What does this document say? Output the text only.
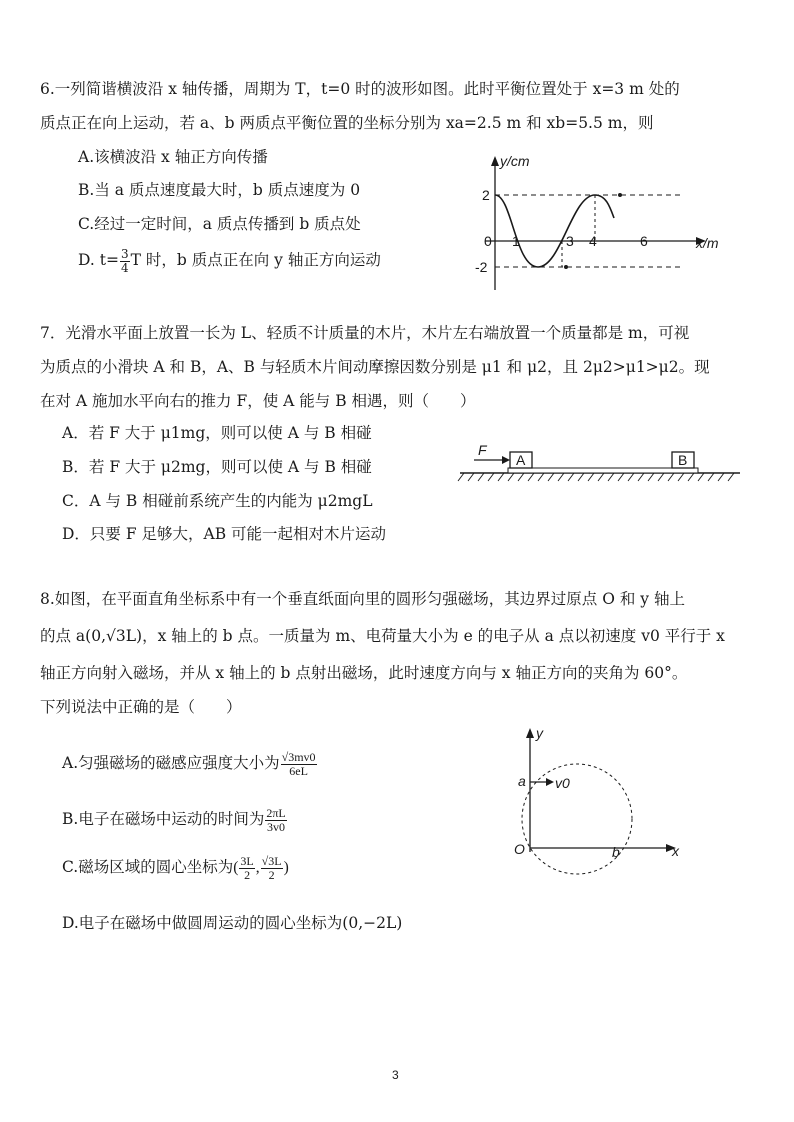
6.一列简谐横波沿 x 轴传播，周期为 T，t=0 时的波形如图。此时平衡位置处于 x=3 m 处的
质点正在向上运动，若 a、b 两质点平衡位置的坐标分别为 xa=2.5 m 和 xb=5.5 m，则
A.该横波沿 x 轴正方向传播
B.当 a 质点速度最大时，b 质点速度为 0
C.经过一定时间，a 质点传播到 b 质点处
D. $t= \frac{3}{4}$ T 时，b 质点正在向 y 轴正方向运动
y/cm
x/m
0
2
-2
1	3 4	6
7．光滑水平面上放置一长为 L、轻质不计质量的木片，木片左右端放置一个质量都是 m，可视
为质点的小滑块 A 和 B，A、B 与轻质木片间动摩擦因数分别是 μ1 和 μ2，且 2μ2>μ1>μ2。现
在对 A 施加水平向右的推力 F，使 A 能与 B 相遇，则（　　）
A．若 F 大于 μ1mg，则可以使 A 与 B 相碰
B．若 F 大于 μ2mg，则可以使 A 与 B 相碰
C．A 与 B 相碰前系统产生的内能为 μ2mgL
D．只要 F 足够大，AB 可能一起相对木片运动
F
A	B
8.如图，在平面直角坐标系中有一个垂直纸面向里的圆形匀强磁场，其边界过原点 O 和 y 轴上
的点 a(0,√3L)，x 轴上的 b 点。一质量为 m、电荷量大小为 e 的电子从 a 点以初速度 v0 平行于 x
轴正方向射入磁场，并从 x 轴上的 b 点射出磁场，此时速度方向与 x 轴正方向的夹角为 60°。
下列说法中正确的是（　　）
A.匀强磁场的磁感应强度大小为 $\frac{√3mv0}{6eL}$
B.电子在磁场中运动的时间为 $\frac{2\pi L}{3v0}$
C.磁场区域的圆心坐标为( $\frac{3L}{2}$ , $\frac{√3L}{2}$ )
D.电子在磁场中做圆周运动的圆心坐标为(0,−2L)
y
x
O
a
b
v0
3
